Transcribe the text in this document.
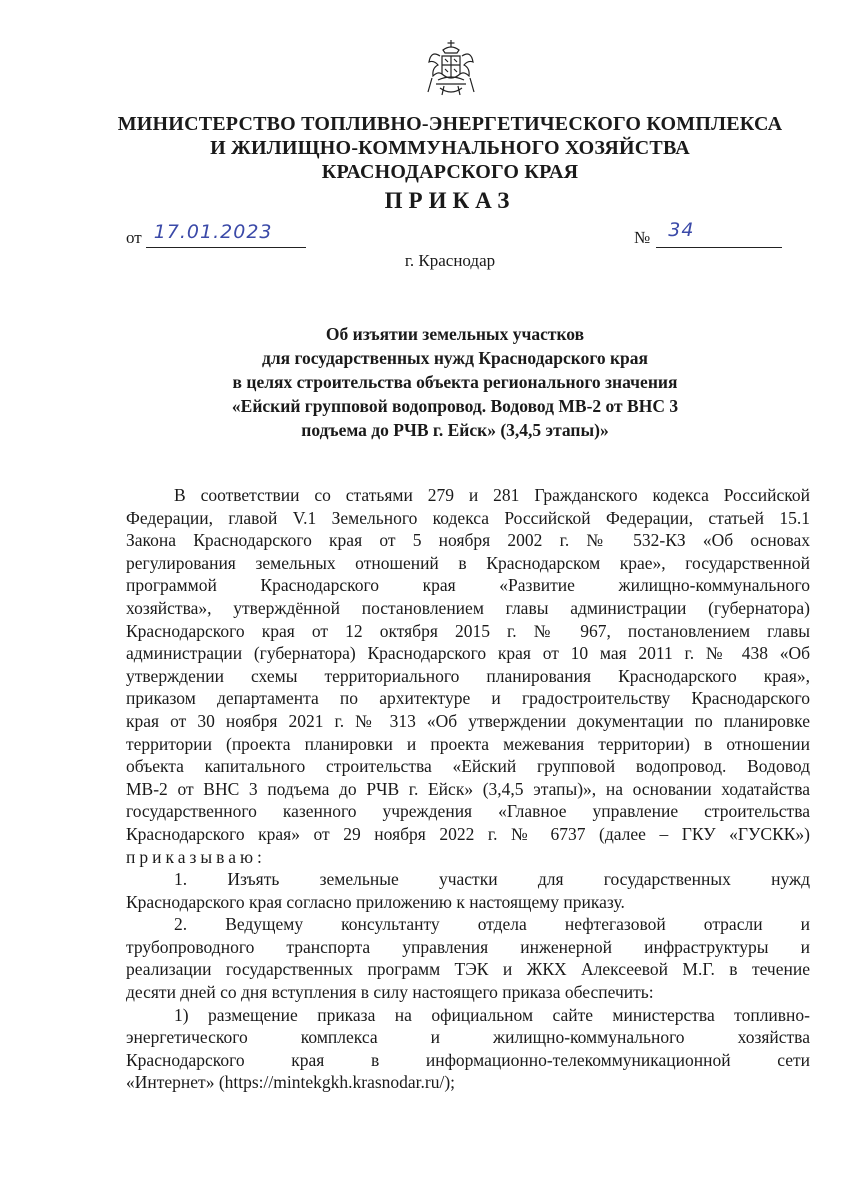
МИНИСТЕРСТВО ТОПЛИВНО-ЭНЕРГЕТИЧЕСКОГО КОМПЛЕКСА
И ЖИЛИЩНО-КОММУНАЛЬНОГО ХОЗЯЙСТВА
КРАСНОДАРСКОГО КРАЯ
ПРИКАЗ
от 17.01.2023	№ 34
г. Краснодар
Об изъятии земельных участков
для государственных нужд Краснодарского края
в целях строительства объекта регионального значения
«Ейский групповой водопровод. Водовод МВ-2 от ВНС 3
подъема до РЧВ г. Ейск» (3,4,5 этапы)»
В соответствии со статьями 279 и 281 Гражданского кодекса Российской
Федерации, главой V.1 Земельного кодекса Российской Федерации, статьей 15.1
Закона Краснодарского края от 5 ноября 2002 г. № 532-КЗ «Об основах
регулирования земельных отношений в Краснодарском крае», государственной
программой Краснодарского края «Развитие жилищно-коммунального
хозяйства», утверждённой постановлением главы администрации (губернатора)
Краснодарского края от 12 октября 2015 г. № 967, постановлением главы
администрации (губернатора) Краснодарского края от 10 мая 2011 г. № 438 «Об
утверждении схемы территориального планирования Краснодарского края»,
приказом департамента по архитектуре и градостроительству Краснодарского
края от 30 ноября 2021 г. № 313 «Об утверждении документации по планировке
территории (проекта планировки и проекта межевания территории) в отношении
объекта капитального строительства «Ейский групповой водопровод. Водовод
МВ-2 от ВНС 3 подъема до РЧВ г. Ейск» (3,4,5 этапы)», на основании ходатайства
государственного казенного учреждения «Главное управление строительства
Краснодарского края» от 29 ноября 2022 г. № 6737 (далее – ГКУ «ГУСКК»)
приказываю:
1. Изъять земельные участки для государственных нужд
Краснодарского края согласно приложению к настоящему приказу.
2. Ведущему консультанту отдела нефтегазовой отрасли и
трубопроводного транспорта управления инженерной инфраструктуры и
реализации государственных программ ТЭК и ЖКХ Алексеевой М.Г. в течение
десяти дней со дня вступления в силу настоящего приказа обеспечить:
1) размещение приказа на официальном сайте министерства топливно-
энергетического комплекса и жилищно-коммунального хозяйства
Краснодарского края в информационно-телекоммуникационной сети
«Интернет» (https://mintekgkh.krasnodar.ru/);
